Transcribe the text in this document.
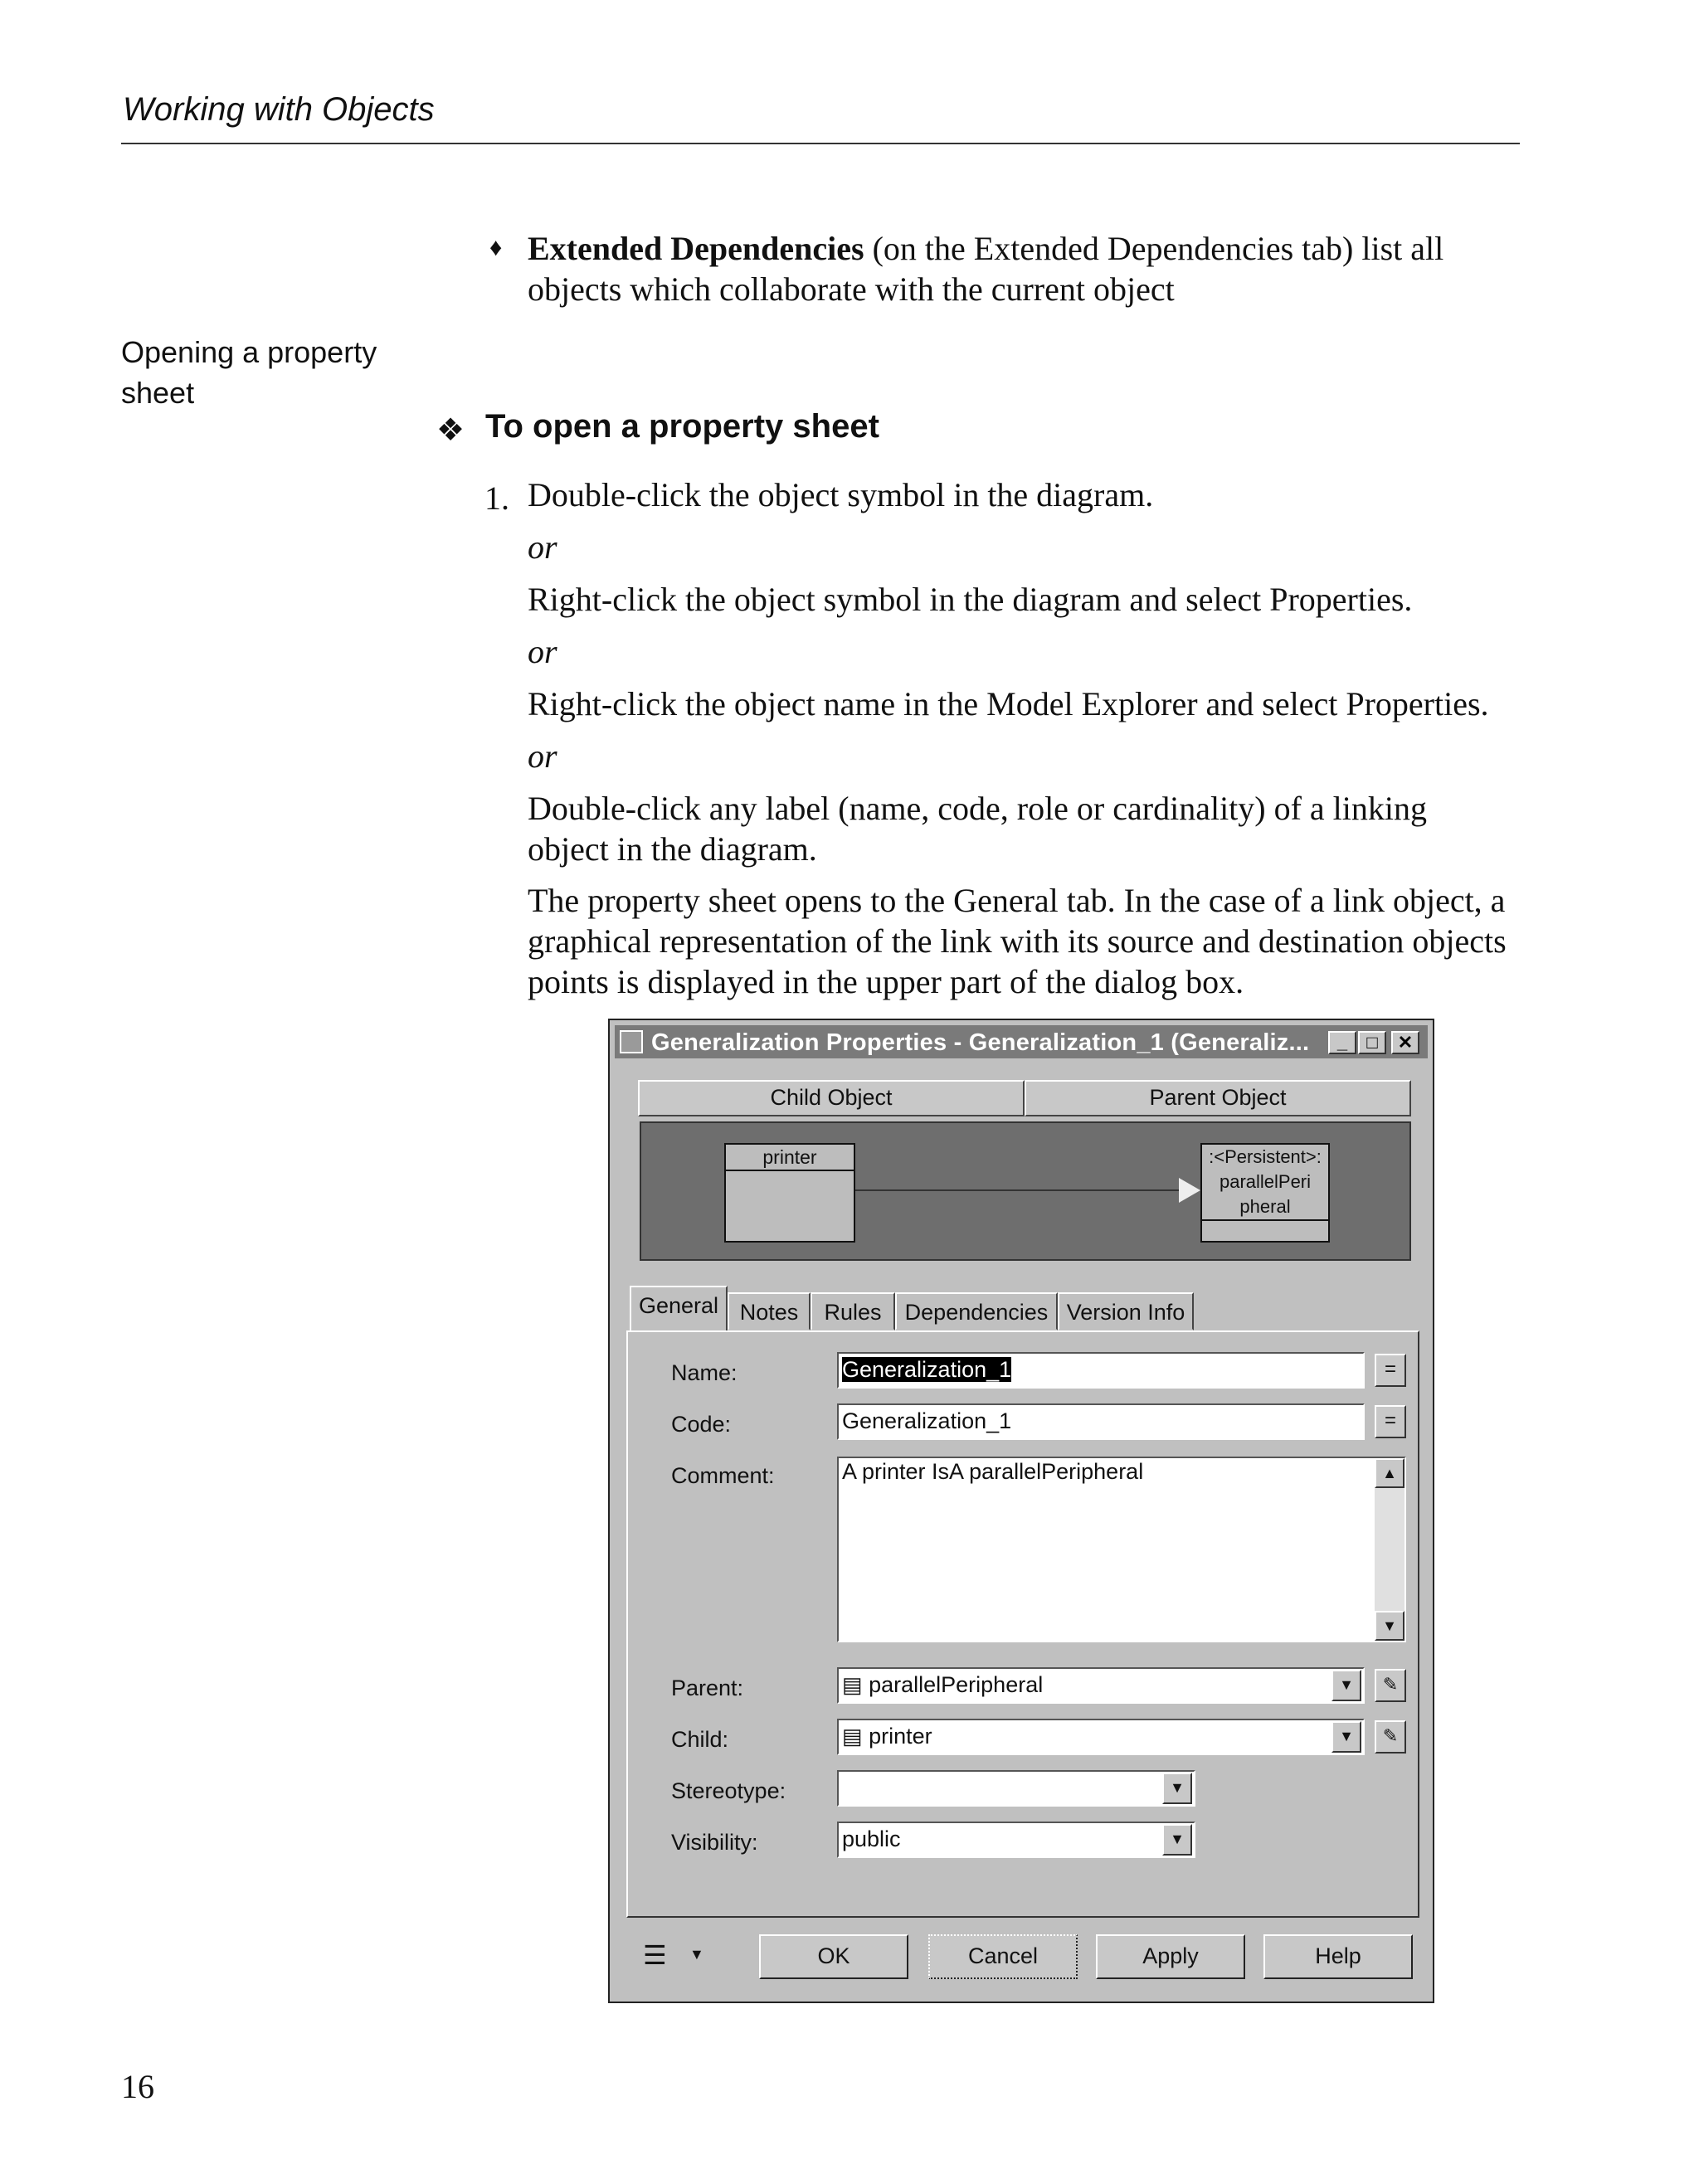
Working with Objects
♦ Extended Dependencies (on the Extended Dependencies tab) list all
objects which collaborate with the current object
Opening a property
sheet
❖ To open a property sheet
1. Double-click the object symbol in the diagram.
or
Right-click the object symbol in the diagram and select Properties.
or
Right-click the object name in the Model Explorer and select Properties.
or
Double-click any label (name, code, role or cardinality) of a linking
object in the diagram.
The property sheet opens to the General tab. In the case of a link object, a
graphical representation of the link with its source and destination objects
points is displayed in the upper part of the dialog box.
Generalization Properties - Generalization_1 (Generaliz...	_	□	✕
Child Object	Parent Object
printer	:<Persistent>:
parallelPeri
pheral
General Notes	Rules	Dependencies Version Info
Name:	Generalization_1	=
Code:	Generalization_1	=
Comment:	A printer IsA parallelPeripheral	▲
▼
Parent:	▤ parallelPeripheral	▼	✎
Child:	▤ printer	▼	✎
Stereotype:	▼
Visibility:	public	▼
☰ ▼	OK	Cancel	Apply	Help
16
